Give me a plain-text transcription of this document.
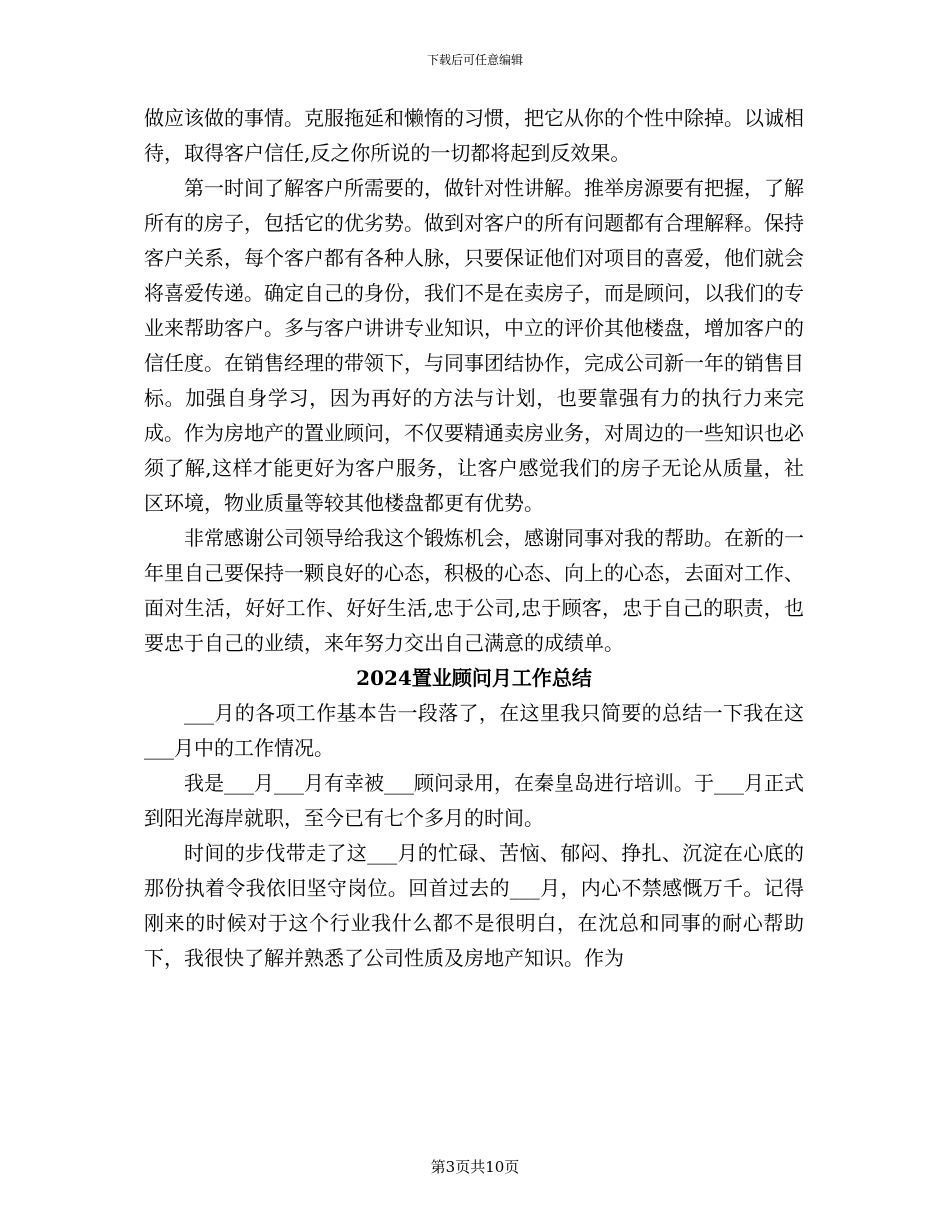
下载后可任意编辑

做应该做的事情。克服拖延和懒惰的习惯，把它从你的个性中除掉。以诚相待，取得客户信任,反之你所说的一切都将起到反效果。

第一时间了解客户所需要的，做针对性讲解。推举房源要有把握，了解所有的房子，包括它的优劣势。做到对客户的所有问题都有合理解释。保持客户关系，每个客户都有各种人脉，只要保证他们对项目的喜爱，他们就会将喜爱传递。确定自己的身份，我们不是在卖房子，而是顾问，以我们的专业来帮助客户。多与客户讲讲专业知识，中立的评价其他楼盘，增加客户的信任度。在销售经理的带领下，与同事团结协作，完成公司新一年的销售目标。加强自身学习，因为再好的方法与计划，也要靠强有力的执行力来完成。作为房地产的置业顾问，不仅要精通卖房业务，对周边的一些知识也必须了解,这样才能更好为客户服务，让客户感觉我们的房子无论从质量，社区环境，物业质量等较其他楼盘都更有优势。

非常感谢公司领导给我这个锻炼机会，感谢同事对我的帮助。在新的一年里自己要保持一颗良好的心态，积极的心态、向上的心态，去面对工作、面对生活，好好工作、好好生活,忠于公司,忠于顾客，忠于自己的职责，也要忠于自己的业绩，来年努力交出自己满意的成绩单。

2024置业顾问月工作总结

___月的各项工作基本告一段落了，在这里我只简要的总结一下我在这___月中的工作情况。

我是___月___月有幸被___顾问录用，在秦皇岛进行培训。于___月正式到阳光海岸就职，至今已有七个多月的时间。

时间的步伐带走了这___月的忙碌、苦恼、郁闷、挣扎、沉淀在心底的那份执着令我依旧坚守岗位。回首过去的___月，内心不禁感慨万千。记得刚来的时候对于这个行业我什么都不是很明白，在沈总和同事的耐心帮助下，我很快了解并熟悉了公司性质及房地产知识。作为

第3页共10页
